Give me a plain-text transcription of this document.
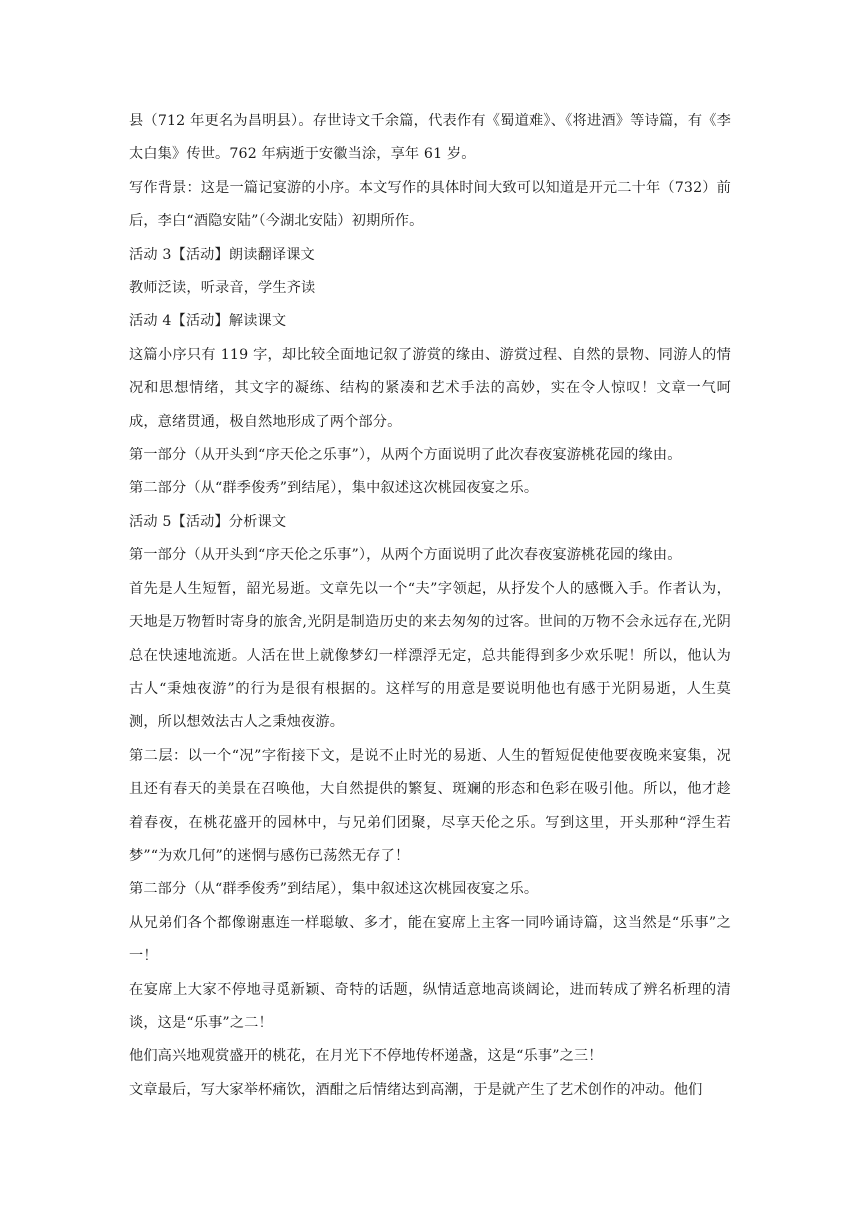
县（712 年更名为昌明县）。存世诗文千余篇，代表作有《蜀道难》、《将进酒》等诗篇，有《李太白集》传世。762 年病逝于安徽当涂，享年 61 岁。

写作背景：这是一篇记宴游的小序。本文写作的具体时间大致可以知道是开元二十年（732）前后，李白“酒隐安陆”（今湖北安陆）初期所作。

活动 3【活动】朗读翻译课文

教师泛读，听录音，学生齐读

活动 4【活动】解读课文

这篇小序只有 119 字，却比较全面地记叙了游赏的缘由、游赏过程、自然的景物、同游人的情况和思想情绪，其文字的凝练、结构的紧凑和艺术手法的高妙，实在令人惊叹！文章一气呵成，意绪贯通，极自然地形成了两个部分。

第一部分（从开头到“序天伦之乐事”），从两个方面说明了此次春夜宴游桃花园的缘由。

第二部分（从“群季俊秀”到结尾），集中叙述这次桃园夜宴之乐。

活动 5【活动】分析课文

第一部分（从开头到“序天伦之乐事”），从两个方面说明了此次春夜宴游桃花园的缘由。

首先是人生短暂，韶光易逝。文章先以一个“夫”字领起，从抒发个人的感慨入手。作者认为，天地是万物暂时寄身的旅舍,光阴是制造历史的来去匆匆的过客。世间的万物不会永远存在,光阴总在快速地流逝。人活在世上就像梦幻一样漂浮无定，总共能得到多少欢乐呢！所以，他认为古人“秉烛夜游”的行为是很有根据的。这样写的用意是要说明他也有感于光阴易逝，人生莫测，所以想效法古人之秉烛夜游。

第二层：以一个“况”字衔接下文，是说不止时光的易逝、人生的暂短促使他要夜晚来宴集，况且还有春天的美景在召唤他，大自然提供的繁复、斑斓的形态和色彩在吸引他。所以，他才趁着春夜，在桃花盛开的园林中，与兄弟们团聚，尽享天伦之乐。写到这里，开头那种“浮生若梦”“为欢几何”的迷惘与感伤已荡然无存了！

第二部分（从“群季俊秀”到结尾），集中叙述这次桃园夜宴之乐。

从兄弟们各个都像谢惠连一样聪敏、多才，能在宴席上主客一同吟诵诗篇，这当然是“乐事”之一！

在宴席上大家不停地寻觅新颖、奇特的话题，纵情适意地高谈阔论，进而转成了辨名析理的清谈，这是“乐事”之二！

他们高兴地观赏盛开的桃花，在月光下不停地传杯递盏，这是“乐事”之三！

文章最后，写大家举杯痛饮，酒酣之后情绪达到高潮，于是就产生了艺术创作的冲动。他们
